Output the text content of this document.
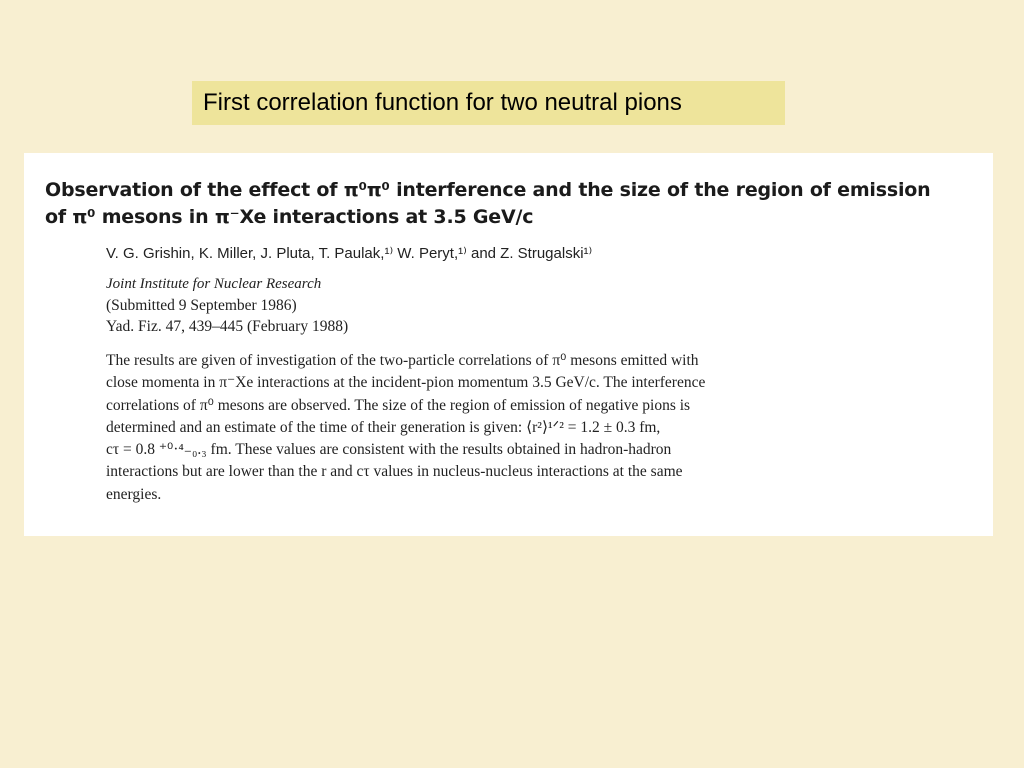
First correlation function for two neutral pions
Observation of the effect of π⁰π⁰ interference and the size of the region of emission
of π⁰ mesons in π⁻Xe interactions at 3.5 GeV/c
V. G. Grishin, K. Miller, J. Pluta, T. Paulak,¹⁾ W. Peryt,¹⁾ and Z. Strugalski¹⁾
Joint Institute for Nuclear Research
(Submitted 9 September 1986)
Yad. Fiz. 47, 439–445 (February 1988)
The results are given of investigation of the two-particle correlations of π⁰ mesons emitted with
close momenta in π⁻Xe interactions at the incident-pion momentum 3.5 GeV/c. The interference
correlations of π⁰ mesons are observed. The size of the region of emission of negative pions is
determined and an estimate of the time of their generation is given: ⟨r²⟩¹ᐟ² = 1.2 ± 0.3 fm,
cτ = 0.8 ⁺⁰·⁴₋₀.₃ fm. These values are consistent with the results obtained in hadron-hadron
interactions but are lower than the r and cτ values in nucleus-nucleus interactions at the same
energies.
